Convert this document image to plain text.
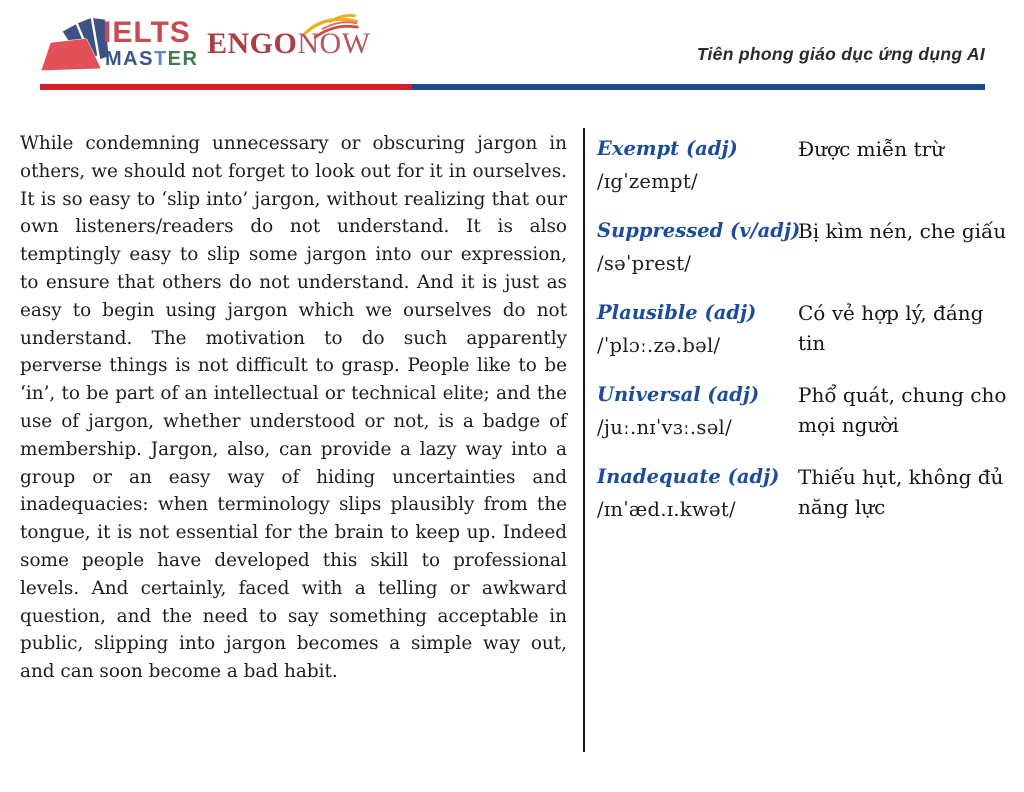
IELTS
MASTER ENGONOW	Tiên phong giáo dục ứng dụng AI
While condemning unnecessary or obscuring jargon in others, we should not forget to look out for it in ourselves. It is so easy to ‘slip into’ jargon, without realizing that our own listeners/readers do not understand. It is also temptingly easy to slip some jargon into our expression, to ensure that others do not understand. And it is just as easy to begin using jargon which we ourselves do not understand. The motivation to do such apparently perverse things is not difficult to grasp. People like to be ‘in’, to be part of an intellectual or technical elite; and the use of jargon, whether understood or not, is a badge of membership. Jargon, also, can provide a lazy way into a group or an easy way of hiding uncertainties and inadequacies: when terminology slips plausibly from the tongue, it is not essential for the brain to keep up. Indeed some people have developed this skill to professional levels. And certainly, faced with a telling or awkward question, and the need to say something acceptable in public, slipping into jargon becomes a simple way out, and can soon become a bad habit.
Exempt (adj)
/ɪgˈzempt/
Được miễn trừ
Suppressed (v/adj)
/səˈprest/
Bị kìm nén, che giấu
Plausible (adj)
/ˈplɔː.zə.bəl/
Có vẻ hợp lý, đáng tin
Universal (adj)
/juː.nɪˈvɜː.səl/
Phổ quát, chung cho mọi người
Inadequate (adj)
/ɪnˈæd.ɪ.kwət/
Thiếu hụt, không đủ năng lực
